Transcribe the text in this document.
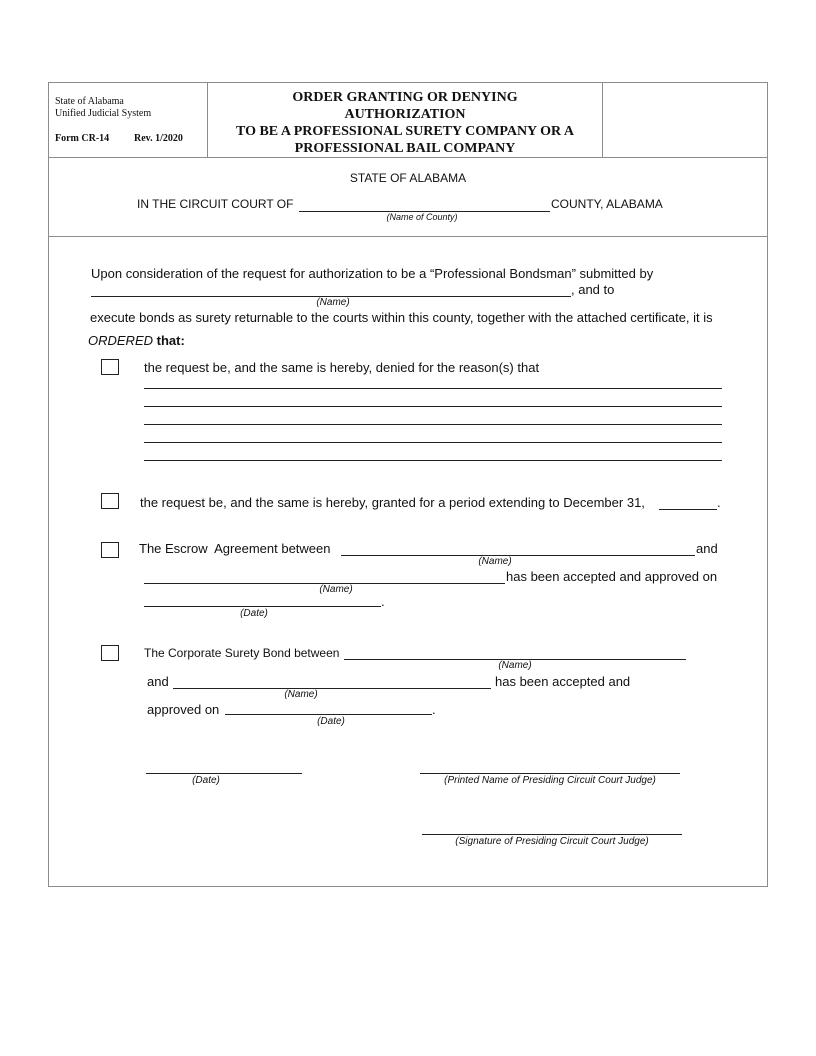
State of Alabama
Unified Judicial System
Form CR-14 Rev. 1/2020
ORDER GRANTING OR DENYING
AUTHORIZATION
TO BE A PROFESSIONAL SURETY COMPANY OR A
PROFESSIONAL BAIL COMPANY
STATE OF ALABAMA
IN THE CIRCUIT COURT OF	COUNTY, ALABAMA
(Name of County)
Upon consideration of the request for authorization to be a “Professional Bondsman” submitted by
, and to
(Name)
execute bonds as surety returnable to the courts within this county, together with the attached certificate, it is
ORDERED that:
the request be, and the same is hereby, denied for the reason(s) that
the request be, and the same is hereby, granted for a period extending to December 31,	.
The Escrow  Agreement between	and
(Name)
has been accepted and approved on
(Name)
.
(Date)
The Corporate Surety Bond between
(Name)
and	has been accepted and
(Name)
approved on	.
(Date)
(Date)	(Printed Name of Presiding Circuit Court Judge)
(Signature of Presiding Circuit Court Judge)
